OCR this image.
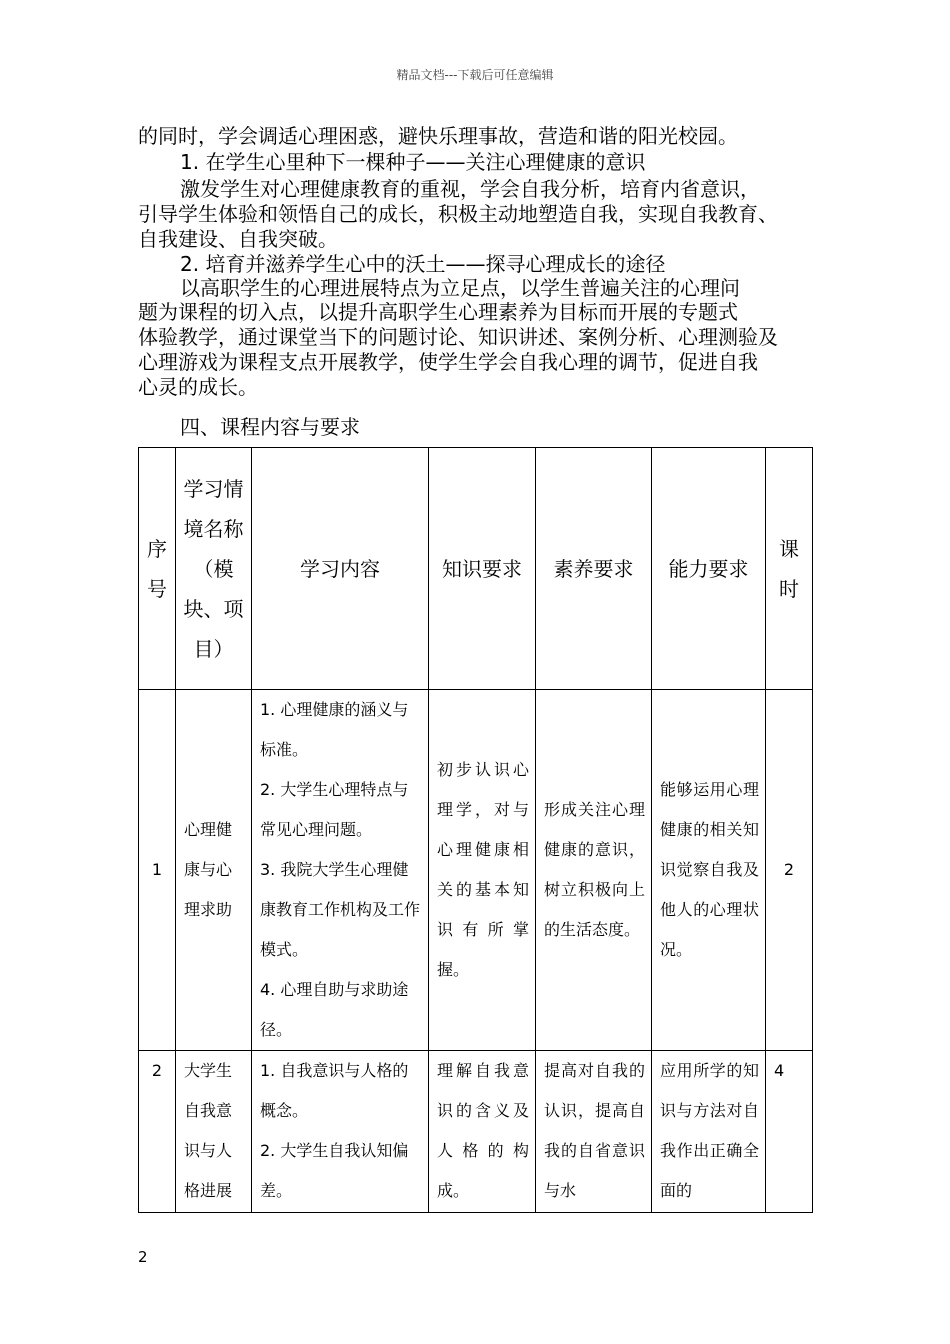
精品文档---下载后可任意编辑
的同时，学会调适心理困惑，避快乐理事故，营造和谐的阳光校园。
1. 在学生心里种下一棵种子——关注心理健康的意识
激发学生对心理健康教育的重视，学会自我分析，培育内省意识，
引导学生体验和领悟自己的成长，积极主动地塑造自我，实现自我教育、
自我建设、自我突破。
2. 培育并滋养学生心中的沃土——探寻心理成长的途径
以高职学生的心理进展特点为立足点，以学生普遍关注的心理问
题为课程的切入点，以提升高职学生心理素养为目标而开展的专题式
体验教学，通过课堂当下的问题讨论、知识讲述、案例分析、心理测验及
心理游戏为课程支点开展教学，使学生学会自我心理的调节，促进自我
心灵的成长。
四、课程内容与要求
序号	学习情境名称（模块、项目）	学习内容	知识要求	素养要求	能力要求	课时
1	心理健康与心理求助	1. 心理健康的涵义与标准。
2. 大学生心理特点与常见心理问题。
3. 我院大学生心理健康教育工作机构及工作模式。
4. 心理自助与求助途径。	初步认识心理学，对与心理健康相关的基本知识有所掌握。	形成关注心理健康的意识，树立积极向上的生活态度。	能够运用心理健康的相关知识觉察自我及他人的心理状况。	2
2	大学生自我意识与人格进展	1. 自我意识与人格的概念。
2. 大学生自我认知偏差。	理解自我意识的含义及人格的构成。	提高对自我的认识，提高自我的自省意识与水	应用所学的知识与方法对自我作出正确全面的	4
2
